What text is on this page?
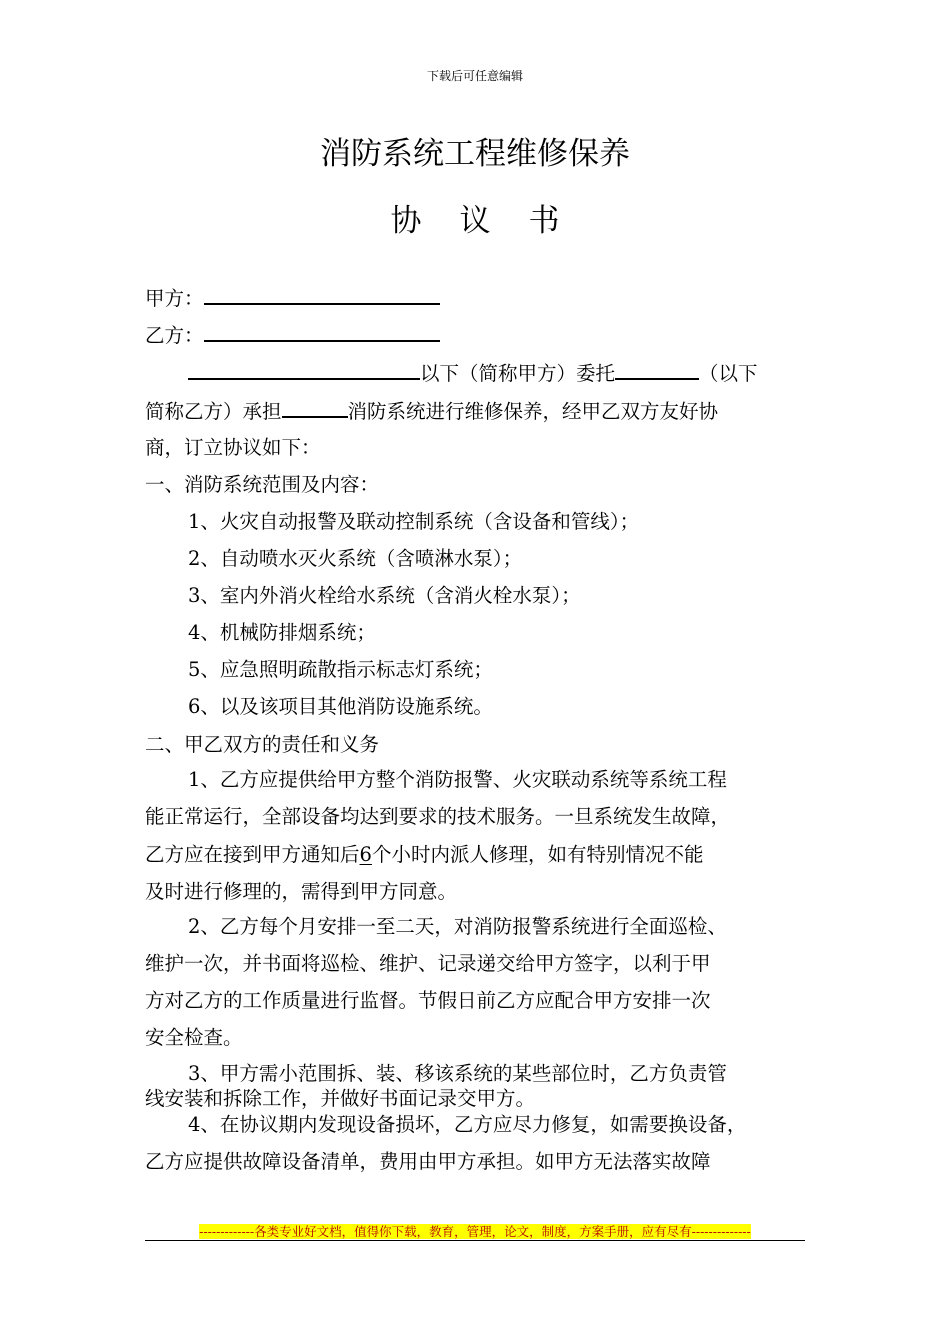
下载后可任意编辑
消防系统工程维修保养
协议书
甲方：
乙方：
以下（简称甲方）委托	（以下
简称乙方）承担	消防系统进行维修保养，经甲乙双方友好协
商，订立协议如下：
一、消防系统范围及内容：
1、火灾自动报警及联动控制系统（含设备和管线）；
2、自动喷水灭火系统（含喷淋水泵）；
3、室内外消火栓给水系统（含消火栓水泵）；
4、机械防排烟系统；
5、应急照明疏散指示标志灯系统；
6、以及该项目其他消防设施系统。
二、甲乙双方的责任和义务
1、乙方应提供给甲方整个消防报警、火灾联动系统等系统工程
能正常运行，全部设备均达到要求的技术服务。一旦系统发生故障，
乙方应在接到甲方通知后6个小时内派人修理，如有特别情况不能
及时进行修理的，需得到甲方同意。
2、乙方每个月安排一至二天，对消防报警系统进行全面巡检、
维护一次，并书面将巡检、维护、记录递交给甲方签字，以利于甲
方对乙方的工作质量进行监督。节假日前乙方应配合甲方安排一次
安全检查。
3、甲方需小范围拆、装、移该系统的某些部位时，乙方负责管
线安装和拆除工作，并做好书面记录交甲方。
4、在协议期内发现设备损坏，乙方应尽力修复，如需要换设备，
乙方应提供故障设备清单，费用由甲方承担。如甲方无法落实故障
-------------各类专业好文档，值得你下载，教育，管理，论文，制度，方案手册，应有尽有--------------
